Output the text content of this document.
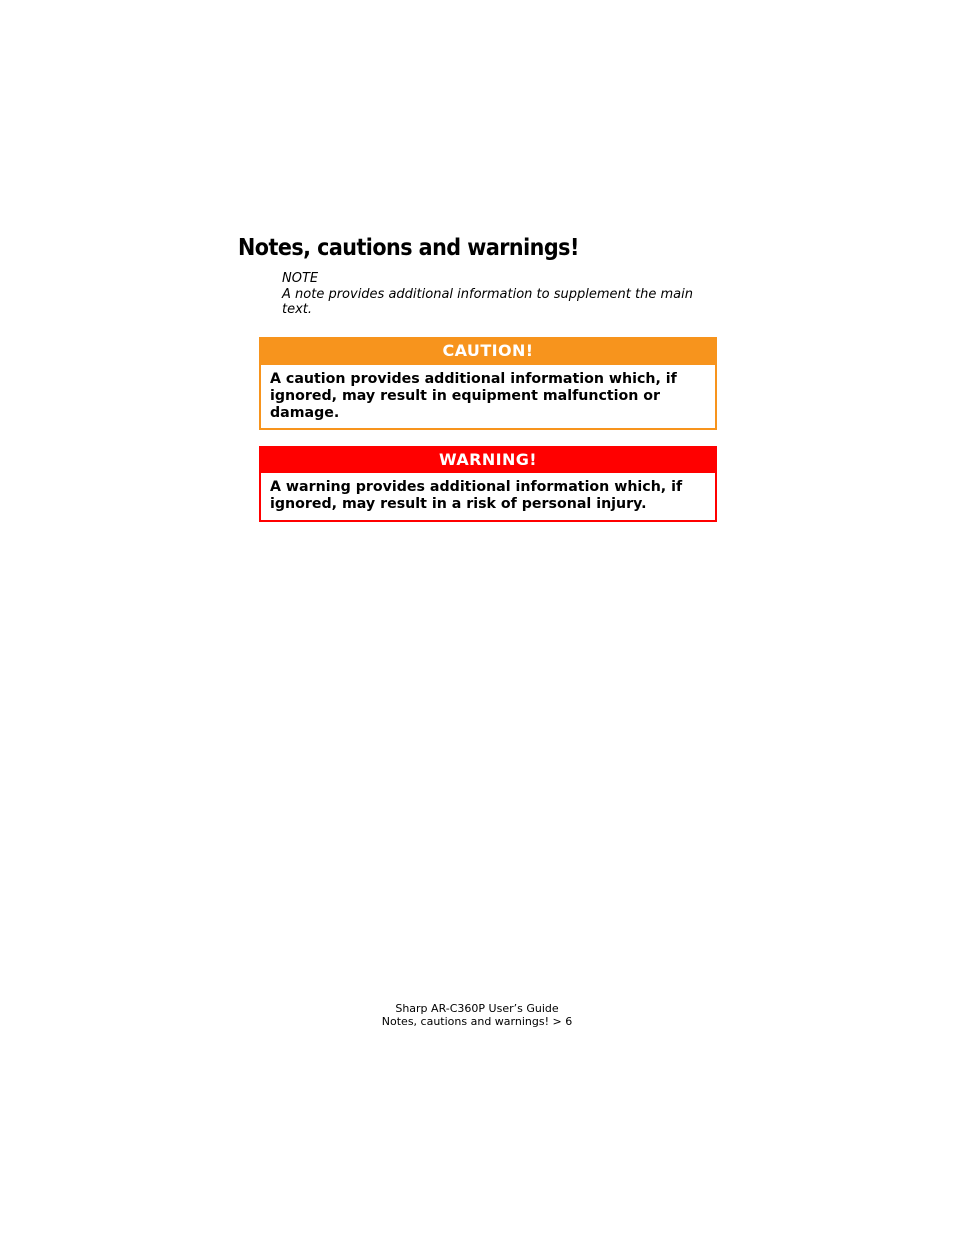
Notes, cautions and warnings!
NOTE
A note provides additional information to supplement the main text.
CAUTION!
A caution provides additional information which, if ignored, may result in equipment malfunction or damage.
WARNING!
A warning provides additional information which, if ignored, may result in a risk of personal injury.
Sharp AR-C360P User’s Guide
Notes, cautions and warnings! > 6
